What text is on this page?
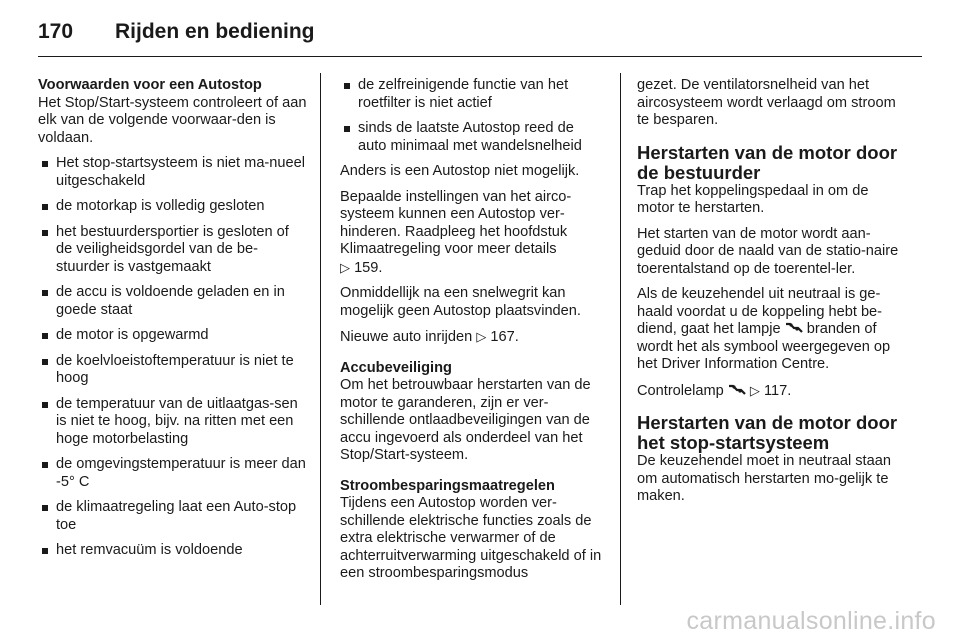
170	Rijden en bediening
Voorwaarden voor een Autostop

Het Stop/Start-systeem controleert of aan elk van de volgende voorwaar-den is voldaan.

Het stop-startsysteem is niet ma-nueel uitgeschakeld
de motorkap is volledig gesloten
het bestuurdersportier is gesloten of de veiligheidsgordel van de be-stuurder is vastgemaakt
de accu is voldoende geladen en in goede staat
de motor is opgewarmd
de koelvloeistoftemperatuur is niet te hoog
de temperatuur van de uitlaatgas-sen is niet te hoog, bijv. na ritten met een hoge motorbelasting
de omgevingstemperatuur is meer dan -5° C
de klimaatregeling laat een Auto-stop toe
het remvacuüm is voldoende
de zelfreinigende functie van het roetfilter is niet actief
sinds de laatste Autostop reed de auto minimaal met wandelsnelheid

Anders is een Autostop niet mogelijk.

Bepaalde instellingen van het airco-systeem kunnen een Autostop ver-hinderen. Raadpleeg het hoofdstuk Klimaatregeling voor meer details
▷ 159.

Onmiddellijk na een snelwegrit kan mogelijk geen Autostop plaatsvinden.

Nieuwe auto inrijden ▷ 167.

Accubeveiliging

Om het betrouwbaar herstarten van de motor te garanderen, zijn er ver-schillende ontlaadbeveiligingen van de accu ingevoerd als onderdeel van het Stop/Start-systeem.

Stroombesparingsmaatregelen

Tijdens een Autostop worden ver-schillende elektrische functies zoals de extra elektrische verwarmer of de achterruitverwarming uitgeschakeld of in een stroombesparingsmodus

gezet. De ventilatorsnelheid van het aircosysteem wordt verlaagd om stroom te besparen.

Herstarten van de motor door de bestuurder

Trap het koppelingspedaal in om de motor te herstarten.

Het starten van de motor wordt aan-geduid door de naald van de statio-naire toerentalstand op de toerentel-ler.

Als de keuzehendel uit neutraal is ge-haald voordat u de koppeling hebt be-diend, gaat het lampje branden of wordt het als symbool weergegeven op het Driver Information Centre.

Controlelamp ▷ 117.

Herstarten van de motor door het stop-startsysteem

De keuzehendel moet in neutraal staan om automatisch herstarten mo-gelijk te maken.

carmanualsonline.info
